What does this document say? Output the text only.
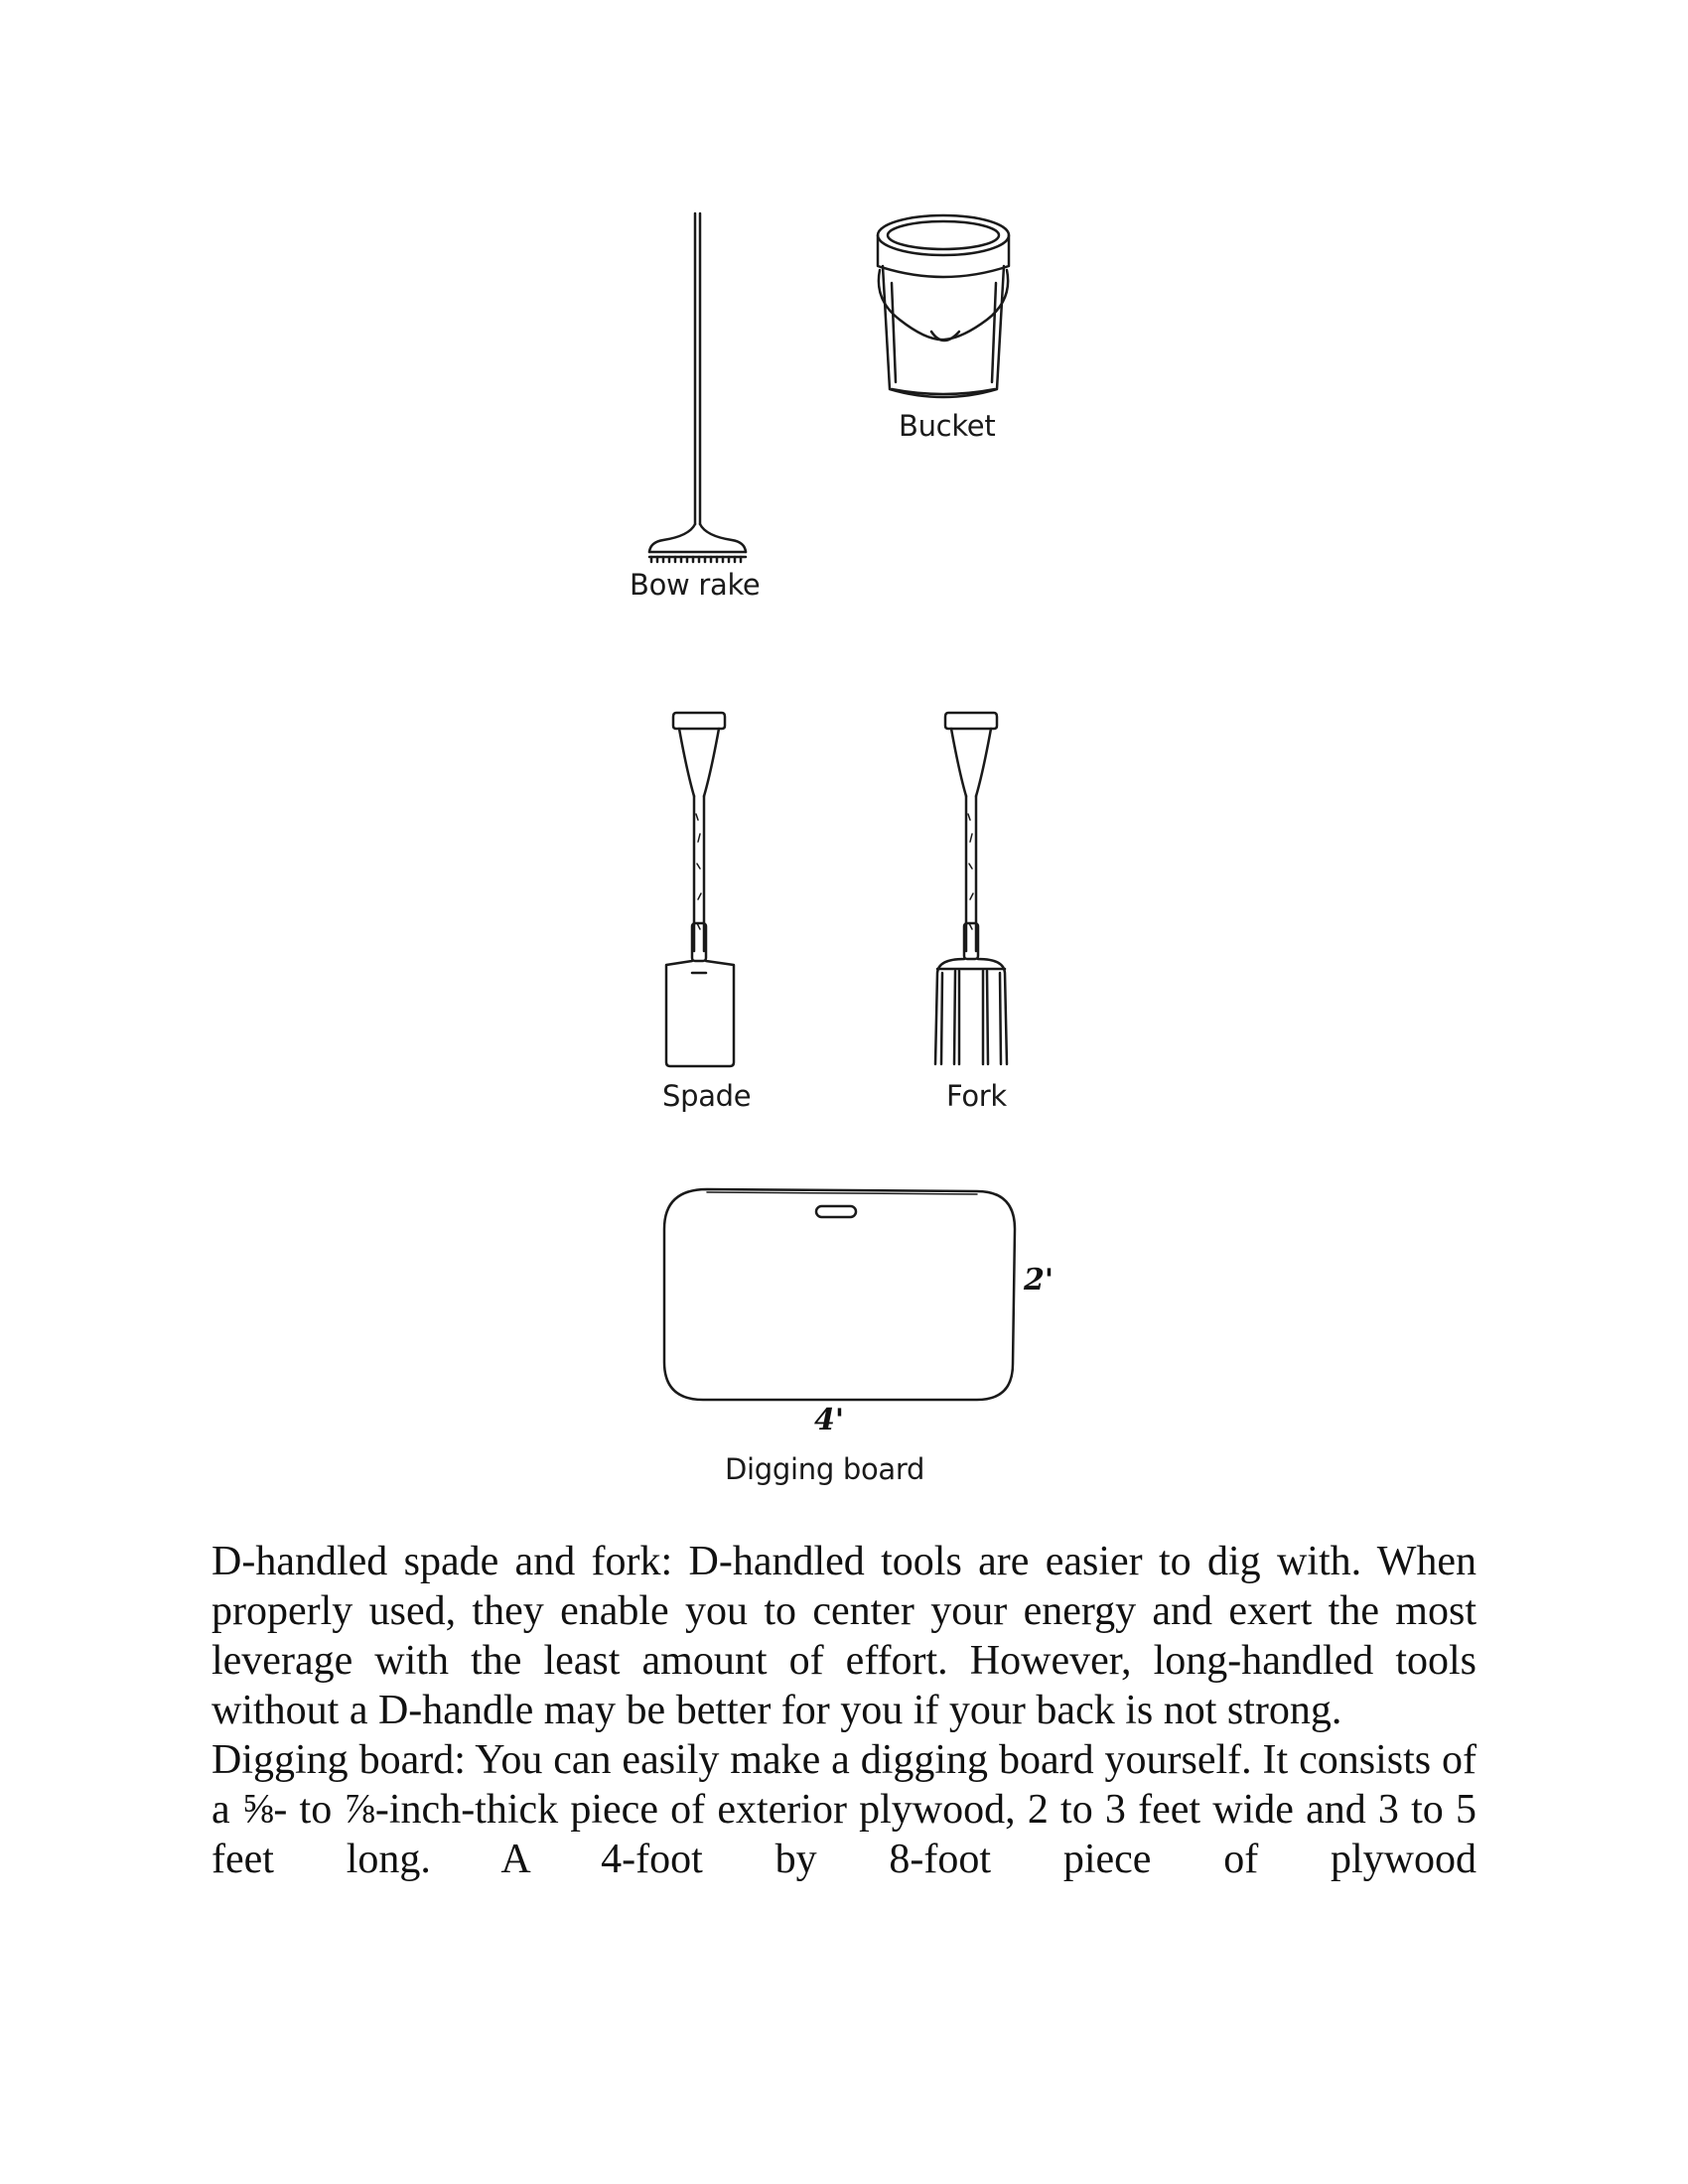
Bucket
Bow rake
Spade	Fork
2'
4'
Digging board

D-handled spade and fork: D-handled tools are easier to dig with. When properly used, they enable you to center your energy and exert the most leverage with the least amount of effort. However, long-handled tools without a D-handle may be better for you if your back is not strong.

Digging board: You can easily make a digging board yourself. It consists of a ⅝- to ⅞-inch-thick piece of exterior plywood, 2 to 3 feet wide and 3 to 5 feet long. A 4-foot by 8-foot piece of plywood
